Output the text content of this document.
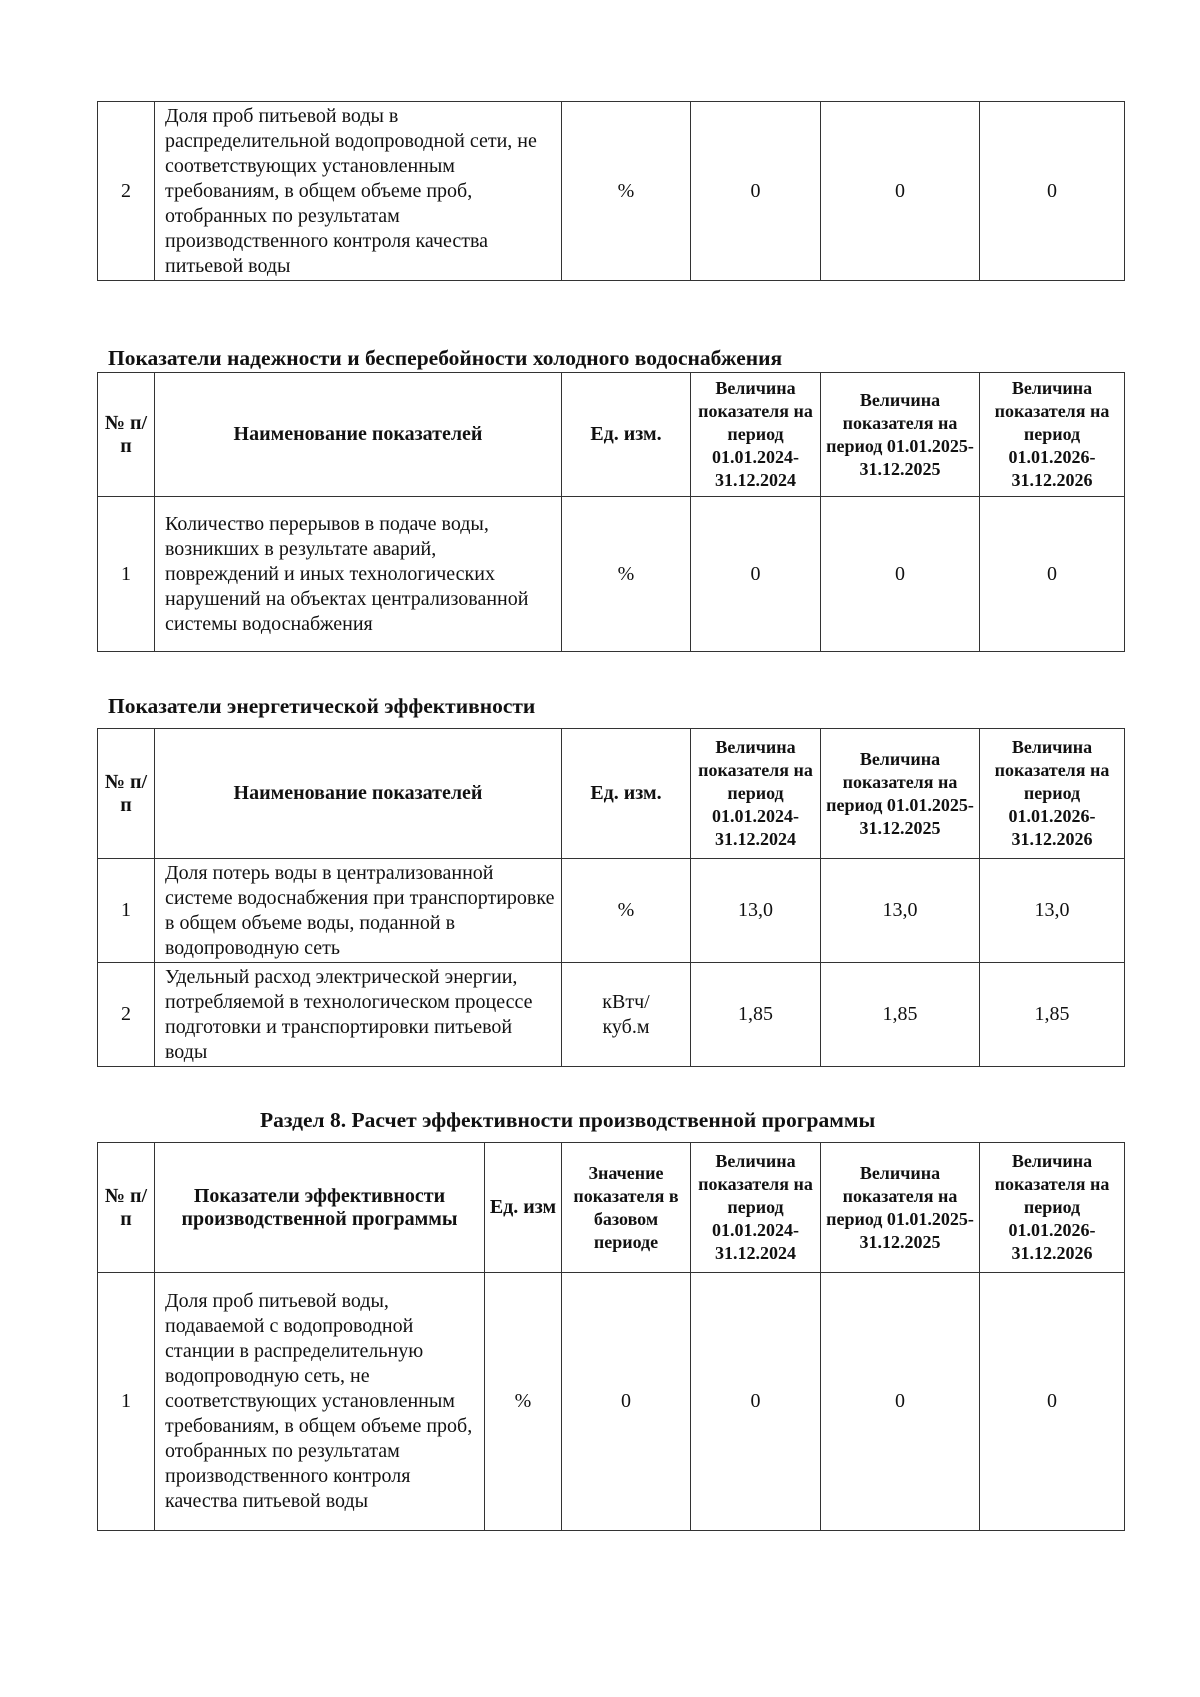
2	Доля проб питьевой воды в распределительной водопроводной сети, не соответствующих установленным требованиям, в общем объеме проб, отобранных по результатам производственного контроля качества питьевой воды	%	0	0	0
Показатели надежности и бесперебойности холодного водоснабжения
№ п/п	Наименование показателей	Ед. изм.	Величина показателя на период 01.01.2024-31.12.2024	Величина показателя на период 01.01.2025-31.12.2025	Величина показателя на период 01.01.2026-31.12.2026
1	Количество перерывов в подаче воды, возникших в результате аварий, повреждений и иных технологических нарушений на объектах централизованной системы водоснабжения	%	0	0	0
Показатели энергетической эффективности
№ п/п	Наименование показателей	Ед. изм.	Величина показателя на период 01.01.2024-31.12.2024	Величина показателя на период 01.01.2025-31.12.2025	Величина показателя на период 01.01.2026-31.12.2026
1	Доля потерь воды в централизованной системе водоснабжения при транспортировке в общем объеме воды, поданной в водопроводную сеть	%	13,0	13,0	13,0
2	Удельный расход электрической энергии, потребляемой в технологическом процессе подготовки и транспортировки питьевой воды	кВтч/ куб.м	1,85	1,85	1,85
Раздел 8. Расчет эффективности производственной программы
№ п/п	Показатели эффективности производственной программы	Ед. изм	Значение показателя в базовом периоде	Величина показателя на период 01.01.2024-31.12.2024	Величина показателя на период 01.01.2025-31.12.2025	Величина показателя на период 01.01.2026-31.12.2026
1	Доля проб питьевой воды, подаваемой с водопроводной станции в распределительную водопроводную сеть, не соответствующих установленным требованиям, в общем объеме проб, отобранных по результатам производственного контроля качества питьевой воды	%	0	0	0	0
